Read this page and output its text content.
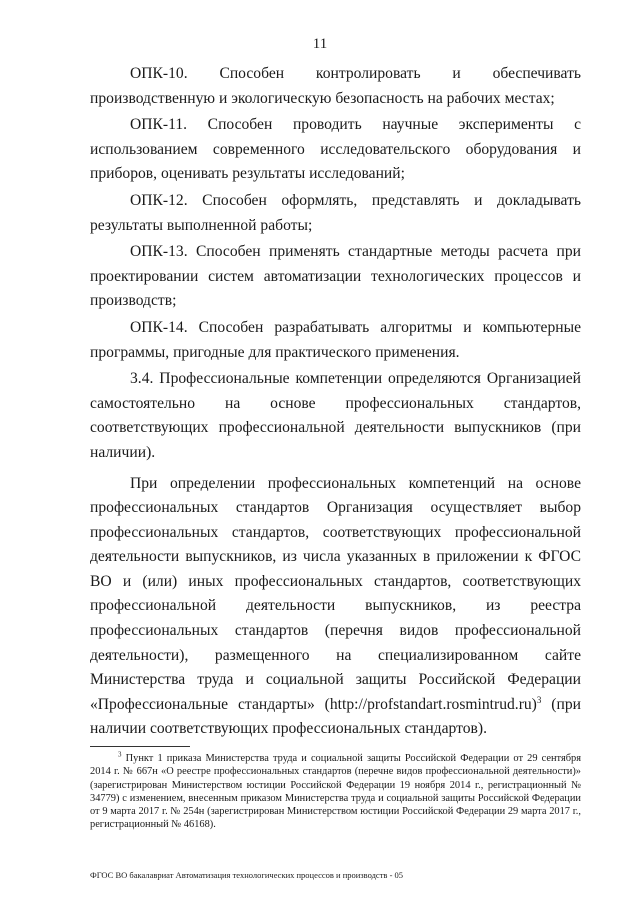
11

ОПК-10. Способен контролировать и обеспечивать производственную и экологическую безопасность на рабочих местах;

ОПК-11. Способен проводить научные эксперименты с использованием современного исследовательского оборудования и приборов, оценивать результаты исследований;

ОПК-12. Способен оформлять, представлять и докладывать результаты выполненной работы;

ОПК-13. Способен применять стандартные методы расчета при проектировании систем автоматизации технологических процессов и производств;

ОПК-14. Способен разрабатывать алгоритмы и компьютерные программы, пригодные для практического применения.

3.4. Профессиональные компетенции определяются Организацией самостоятельно на основе профессиональных стандартов, соответствующих профессиональной деятельности выпускников (при наличии).

При определении профессиональных компетенций на основе профессиональных стандартов Организация осуществляет выбор профессиональных стандартов, соответствующих профессиональной деятельности выпускников, из числа указанных в приложении к ФГОС ВО и (или) иных профессиональных стандартов, соответствующих профессиональной деятельности выпускников, из реестра профессиональных стандартов (перечня видов профессиональной деятельности), размещенного на специализированном сайте Министерства труда и социальной защиты Российской Федерации «Профессиональные стандарты» (http://profstandart.rosmintrud.ru)$^3$ (при наличии соответствующих профессиональных стандартов).

$^3$ Пункт 1 приказа Министерства труда и социальной защиты Российской Федерации от 29 сентября 2014 г. № 667н «О реестре профессиональных стандартов (перечне видов профессиональной деятельности)» (зарегистрирован Министерством юстиции Российской Федерации 19 ноября 2014 г., регистрационный № 34779) с изменением, внесенным приказом Министерства труда и социальной защиты Российской Федерации от 9 марта 2017 г. № 254н (зарегистрирован Министерством юстиции Российской Федерации 29 марта 2017 г., регистрационный № 46168).

ФГОС ВО бакалавриат Автоматизация технологических процессов и производств - 05
